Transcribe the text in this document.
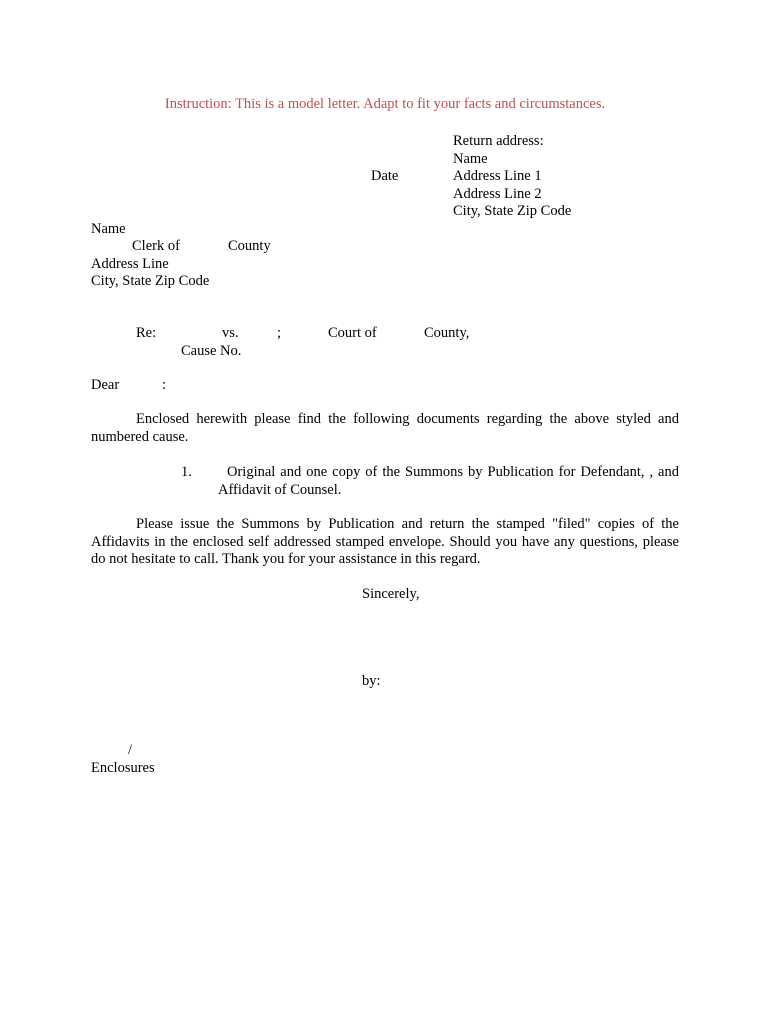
Instruction: This is a model letter. Adapt to fit your facts and circumstances.
Return address:
Name
Address Line 1
Address Line 2
City, State Zip Code
Date
Name
Clerk of	County
Address Line
City, State Zip Code
Re:	vs.	;	Court of	County,
Cause No.
Dear	:
Enclosed herewith please find the following documents regarding the above styled and numbered cause.
1.	Original and one copy of the Summons by Publication for Defendant, , and Affidavit of Counsel.
Please issue the Summons by Publication and return the stamped "filed" copies of the Affidavits in the enclosed self addressed stamped envelope. Should you have any questions, please do not hesitate to call. Thank you for your assistance in this regard.
Sincerely,
by:
/
Enclosures
